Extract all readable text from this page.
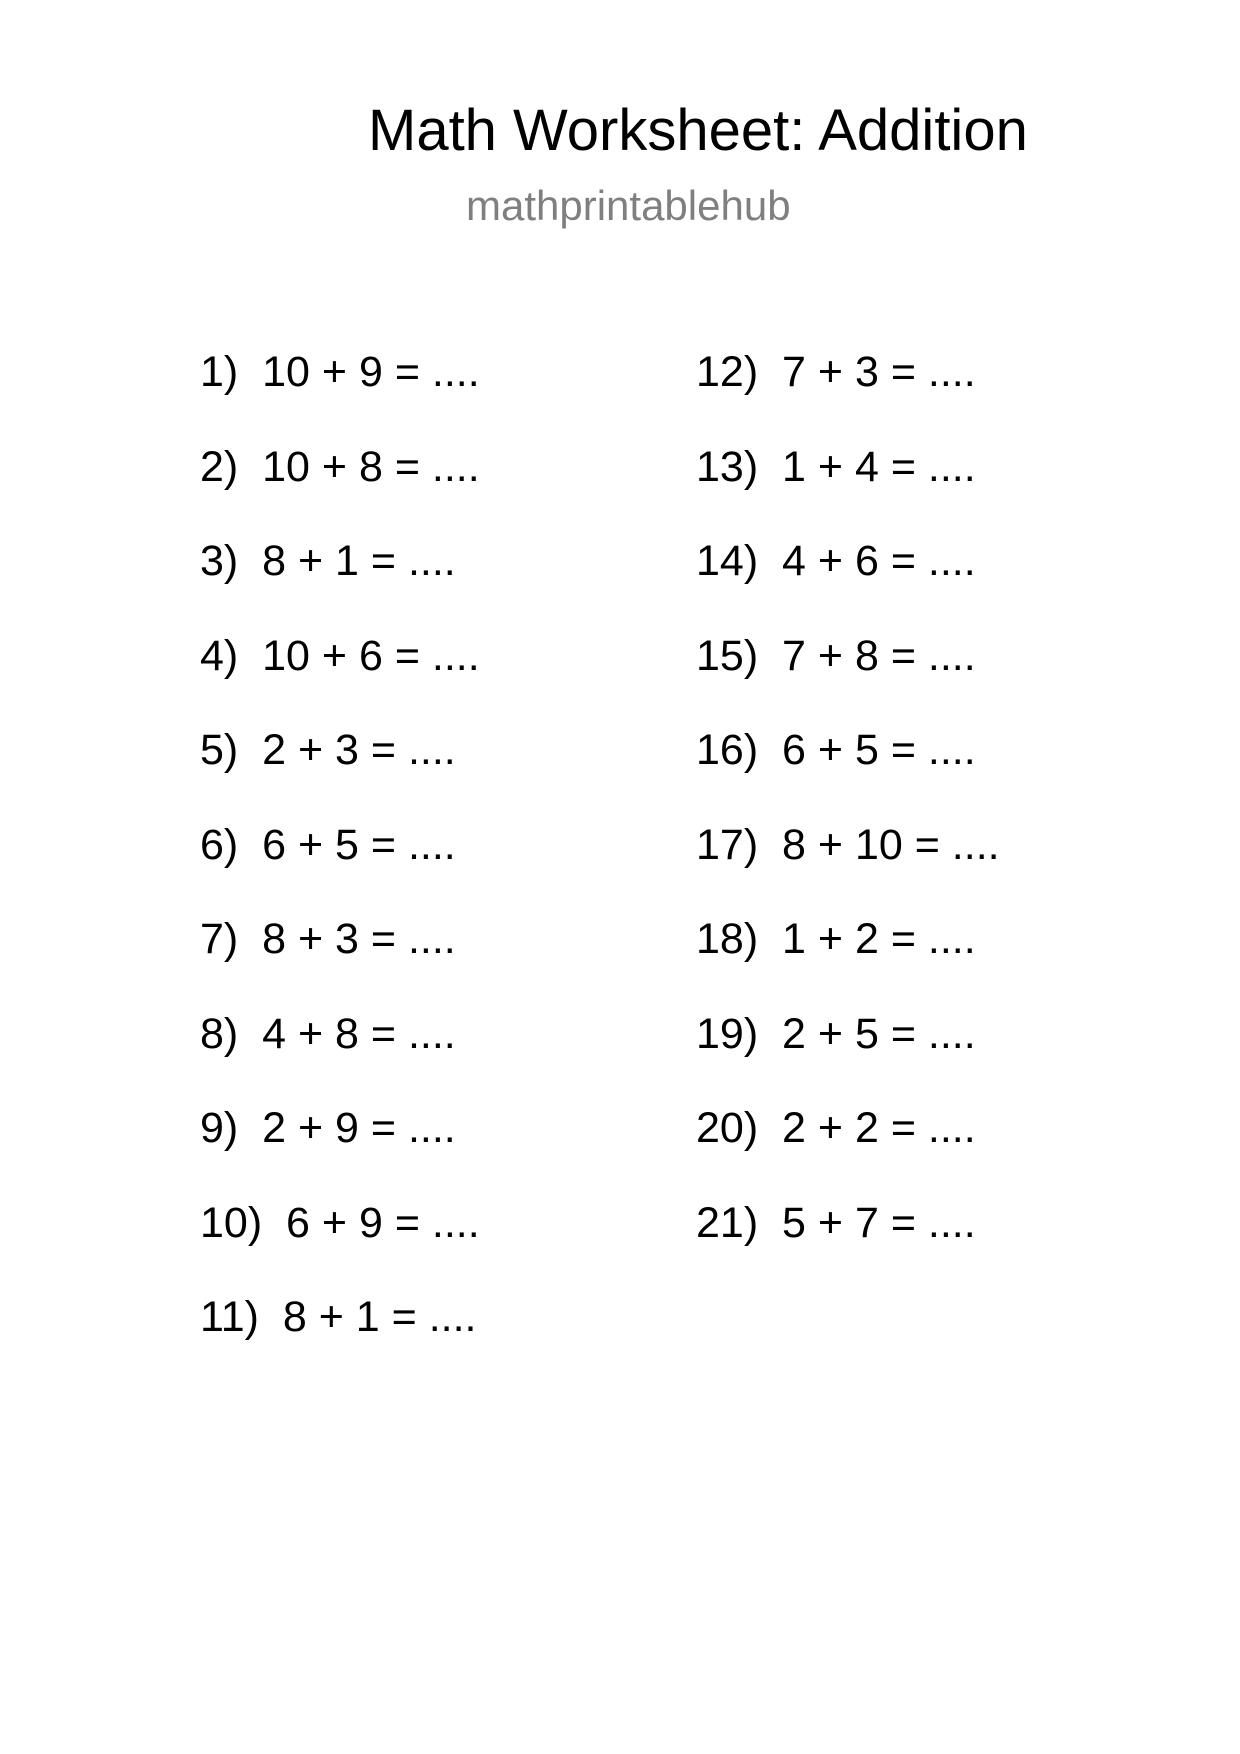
Math Worksheet: Addition
mathprintablehub
1)  10 + 9 = ....
2)  10 + 8 = ....
3)  8 + 1 = ....
4)  10 + 6 = ....
5)  2 + 3 = ....
6)  6 + 5 = ....
7)  8 + 3 = ....
8)  4 + 8 = ....
9)  2 + 9 = ....
10)  6 + 9 = ....
11)  8 + 1 = ....
12)  7 + 3 = ....
13)  1 + 4 = ....
14)  4 + 6 = ....
15)  7 + 8 = ....
16)  6 + 5 = ....
17)  8 + 10 = ....
18)  1 + 2 = ....
19)  2 + 5 = ....
20)  2 + 2 = ....
21)  5 + 7 = ....
